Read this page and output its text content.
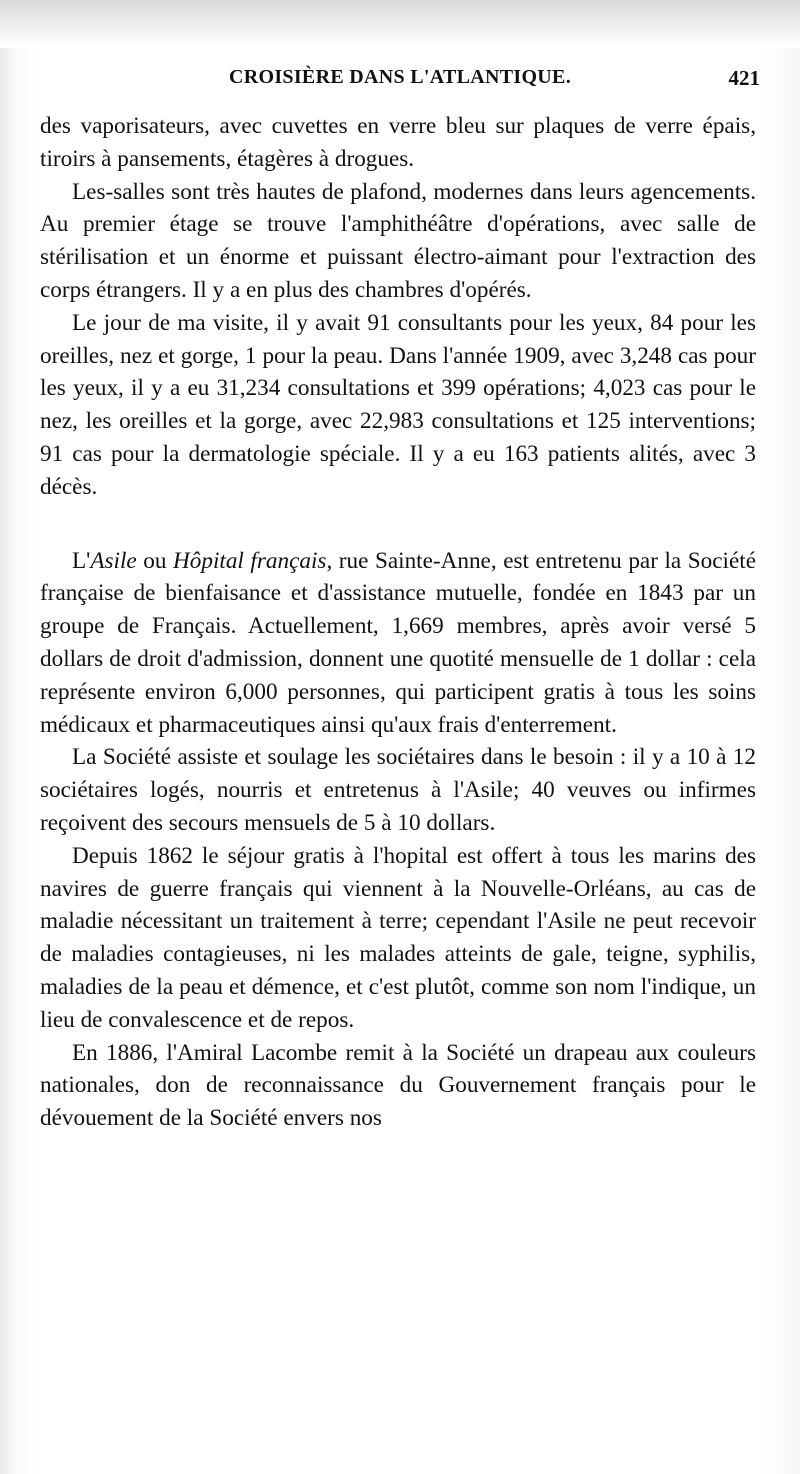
CROISIÈRE DANS L'ATLANTIQUE.	421

des vaporisateurs, avec cuvettes en verre bleu sur plaques de verre épais, tiroirs à pansements, étagères à drogues.

Les-salles sont très hautes de plafond, modernes dans leurs agencements. Au premier étage se trouve l'amphithéâtre d'opérations, avec salle de stérilisation et un énorme et puissant électro-aimant pour l'extraction des corps étrangers. Il y a en plus des chambres d'opérés.

Le jour de ma visite, il y avait 91 consultants pour les yeux, 84 pour les oreilles, nez et gorge, 1 pour la peau. Dans l'année 1909, avec 3,248 cas pour les yeux, il y a eu 31,234 consultations et 399 opérations; 4,023 cas pour le nez, les oreilles et la gorge, avec 22,983 consultations et 125 interventions; 91 cas pour la dermatologie spéciale. Il y a eu 163 patients alités, avec 3 décès.

L'Asile ou Hôpital français, rue Sainte-Anne, est entretenu par la Société française de bienfaisance et d'assistance mutuelle, fondée en 1843 par un groupe de Français. Actuellement, 1,669 membres, après avoir versé 5 dollars de droit d'admission, donnent une quotité mensuelle de 1 dollar : cela représente environ 6,000 personnes, qui participent gratis à tous les soins médicaux et pharmaceutiques ainsi qu'aux frais d'enterrement.

La Société assiste et soulage les sociétaires dans le besoin : il y a 10 à 12 sociétaires logés, nourris et entretenus à l'Asile; 40 veuves ou infirmes reçoivent des secours mensuels de 5 à 10 dollars.

Depuis 1862 le séjour gratis à l'hopital est offert à tous les marins des navires de guerre français qui viennent à la Nouvelle-Orléans, au cas de maladie nécessitant un traitement à terre; cependant l'Asile ne peut recevoir de maladies contagieuses, ni les malades atteints de gale, teigne, syphilis, maladies de la peau et démence, et c'est plutôt, comme son nom l'indique, un lieu de convalescence et de repos.

En 1886, l'Amiral Lacombe remit à la Société un drapeau aux couleurs nationales, don de reconnaissance du Gouvernement français pour le dévouement de la Société envers nos
